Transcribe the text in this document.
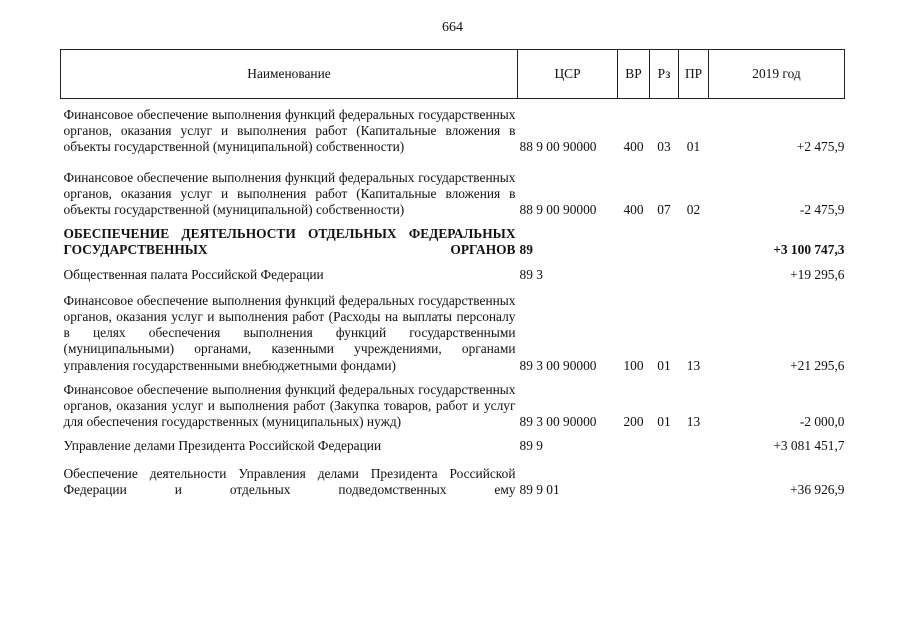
664
Наименование	ЦСР	ВР	Рз	ПР	2019 год

Финансовое обеспечение выполнения функций федеральных государственных органов, оказания услуг и выполнения работ (Капитальные вложения в объекты государственной (муниципальной) собственности)	88 9 00 90000	400	03	01	+2 475,9

Финансовое обеспечение выполнения функций федеральных государственных органов, оказания услуг и выполнения работ (Капитальные вложения в объекты государственной (муниципальной) собственности)	88 9 00 90000	400	07	02	-2 475,9

ОБЕСПЕЧЕНИЕ ДЕЯТЕЛЬНОСТИ ОТДЕЛЬНЫХ ФЕДЕРАЛЬНЫХ ГОСУДАРСТВЕННЫХ ОРГАНОВ	89				+3 100 747,3

Общественная палата Российской Федерации	89 3				+19 295,6

Финансовое обеспечение выполнения функций федеральных государственных органов, оказания услуг и выполнения работ (Расходы на выплаты персоналу в целях обеспечения выполнения функций государственными (муниципальными) органами, казенными учреждениями, органами управления государственными внебюджетными фондами)	89 3 00 90000	100	01	13	+21 295,6

Финансовое обеспечение выполнения функций федеральных государственных органов, оказания услуг и выполнения работ (Закупка товаров, работ и услуг для обеспечения государственных (муниципальных) нужд)	89 3 00 90000	200	01	13	-2 000,0

Управление делами Президента Российской Федерации	89 9				+3 081 451,7

Обеспечение деятельности Управления делами Президента Российской Федерации и отдельных подведомственных ему	89 9 01				+36 926,9
